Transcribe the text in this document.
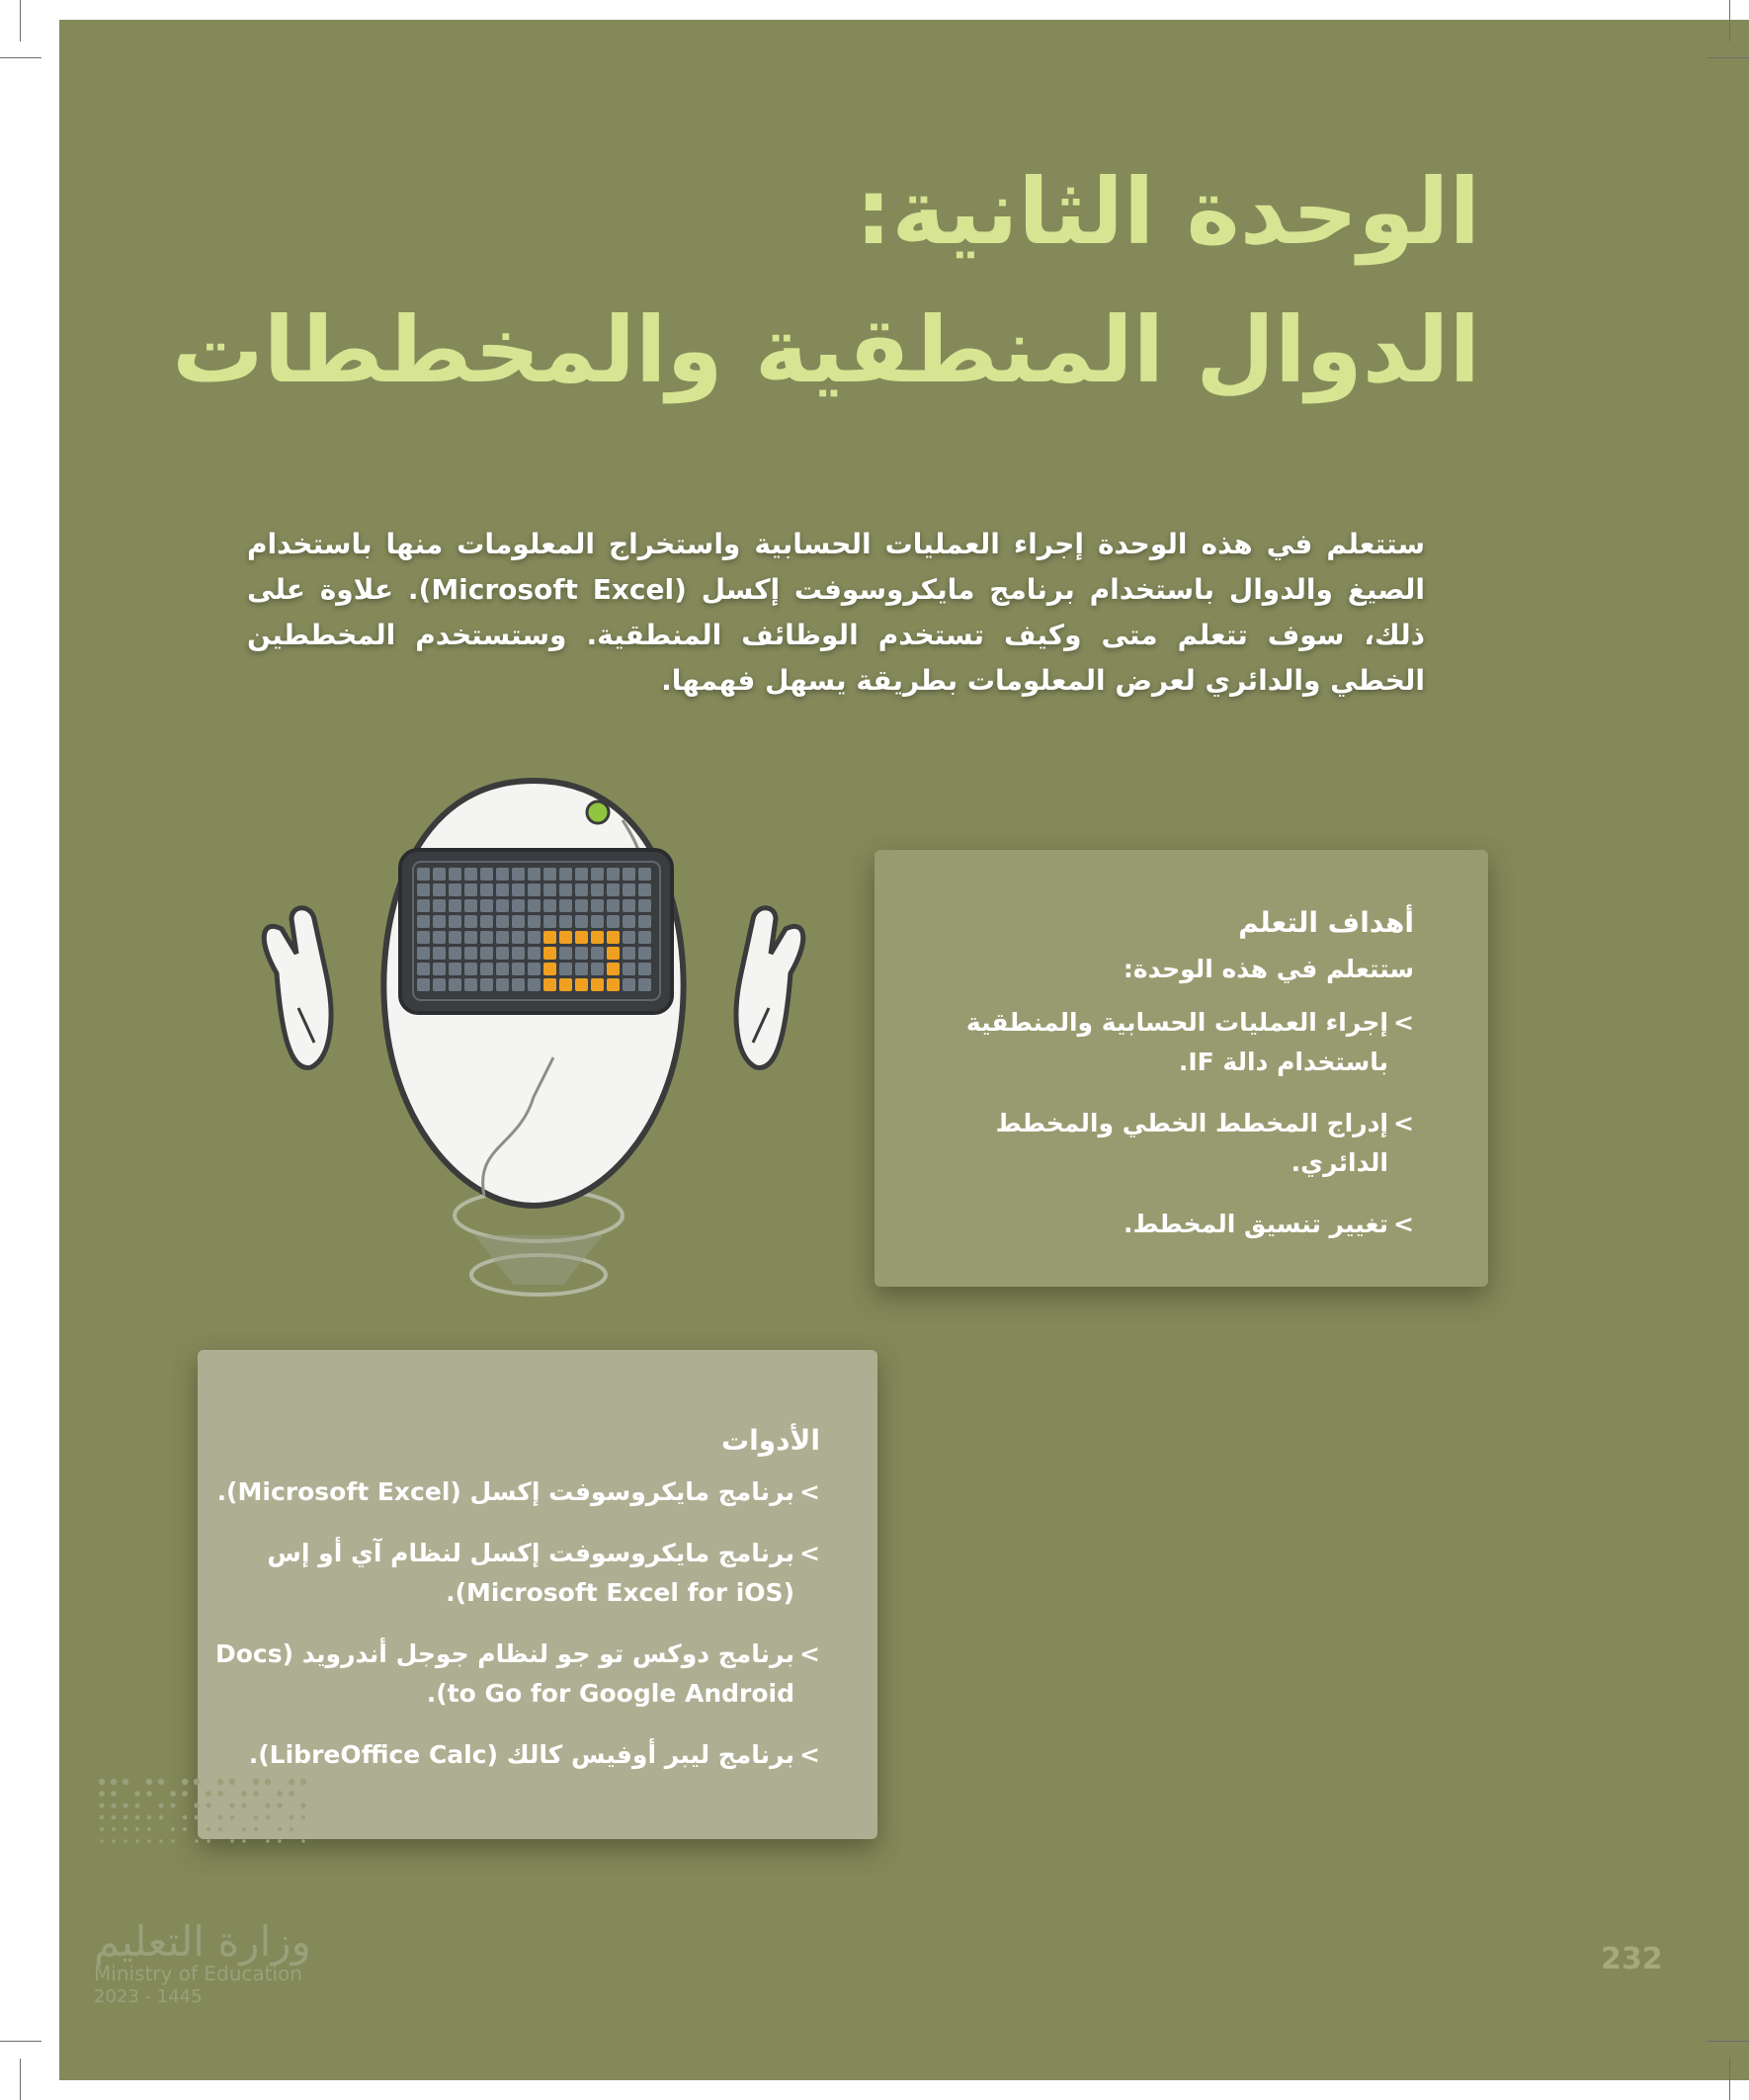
الوحدة الثانية:
الدوال المنطقية والمخططات
ستتعلم في هذه الوحدة إجراء العمليات الحسابية واستخراج المعلومات منها باستخدام الصيغ والدوال باستخدام برنامج مايكروسوفت إكسل (Microsoft Excel). علاوة على ذلك، سوف تتعلم متى وكيف تستخدم الوظائف المنطقية. وستستخدم المخططين الخطي والدائري لعرض المعلومات بطريقة يسهل فهمها.
أهداف التعلم
ستتعلم في هذه الوحدة:
>
إجراء العمليات الحسابية والمنطقية باستخدام دالة IF.
>
إدراج المخطط الخطي والمخطط الدائري.
>
تغيير تنسيق المخطط.
الأدوات
>
برنامج مايكروسوفت إكسل (Microsoft Excel).
>
برنامج مايكروسوفت إكسل لنظام آي أو إس (Microsoft Excel for iOS).
>
برنامج دوكس تو جو لنظام جوجل أندرويد (Docs to Go for Google Android).
>
برنامج ليبر أوفيس كالك (LibreOffice Calc).
وزارة التعليم
Ministry of Education
2023 - 1445
232
